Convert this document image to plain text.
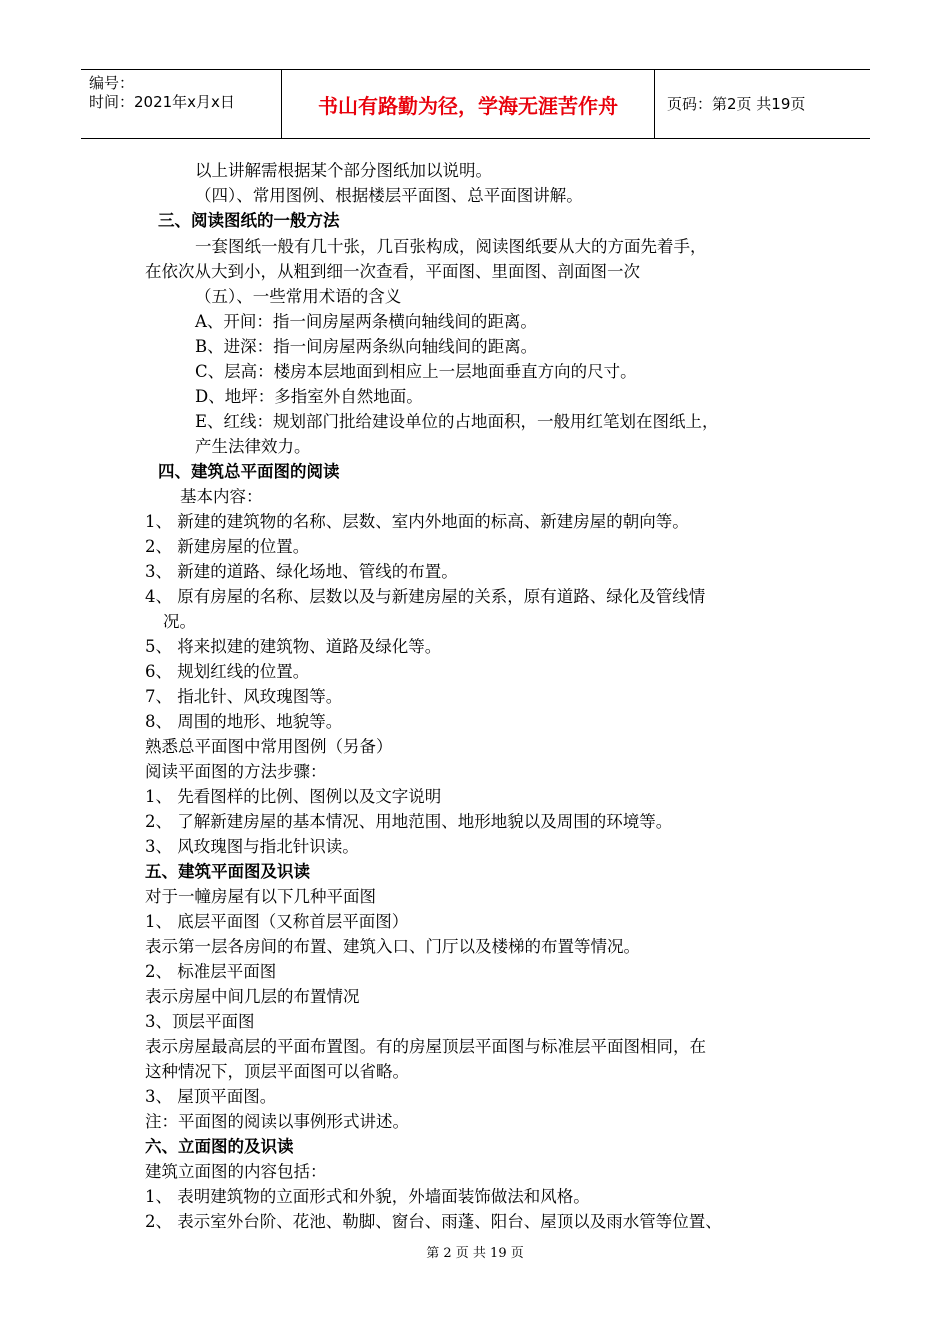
编号：
时间：2021年x月x日	书山有路勤为径，学海无涯苦作舟	页码：第2页 共19页
以上讲解需根据某个部分图纸加以说明。
（四）、常用图例、根据楼层平面图、总平面图讲解。
三、阅读图纸的一般方法
一套图纸一般有几十张，几百张构成，阅读图纸要从大的方面先着手，
在依次从大到小，从粗到细一次查看，平面图、里面图、剖面图一次
（五）、一些常用术语的含义
A、开间：指一间房屋两条横向轴线间的距离。
B、进深：指一间房屋两条纵向轴线间的距离。
C、层高：楼房本层地面到相应上一层地面垂直方向的尺寸。
D、地坪：多指室外自然地面。
E、红线：规划部门批给建设单位的占地面积，一般用红笔划在图纸上，
产生法律效力。
四、建筑总平面图的阅读
基本内容：
1、 新建的建筑物的名称、层数、室内外地面的标高、新建房屋的朝向等。
2、 新建房屋的位置。
3、 新建的道路、绿化场地、管线的布置。
4、 原有房屋的名称、层数以及与新建房屋的关系，原有道路、绿化及管线情
况。
5、 将来拟建的建筑物、道路及绿化等。
6、 规划红线的位置。
7、 指北针、风玫瑰图等。
8、 周围的地形、地貌等。
熟悉总平面图中常用图例（另备）
阅读平面图的方法步骤：
1、 先看图样的比例、图例以及文字说明
2、 了解新建房屋的基本情况、用地范围、地形地貌以及周围的环境等。
3、 风玫瑰图与指北针识读。
五、建筑平面图及识读
对于一幢房屋有以下几种平面图
1、 底层平面图（又称首层平面图）
表示第一层各房间的布置、建筑入口、门厅以及楼梯的布置等情况。
2、 标准层平面图
表示房屋中间几层的布置情况
3、顶层平面图
表示房屋最高层的平面布置图。有的房屋顶层平面图与标准层平面图相同，在
这种情况下，顶层平面图可以省略。
3、 屋顶平面图。
注：平面图的阅读以事例形式讲述。
六、立面图的及识读
建筑立面图的内容包括：
1、 表明建筑物的立面形式和外貌，外墙面装饰做法和风格。
2、 表示室外台阶、花池、勒脚、窗台、雨蓬、阳台、屋顶以及雨水管等位置、
第 2 页 共 19 页
